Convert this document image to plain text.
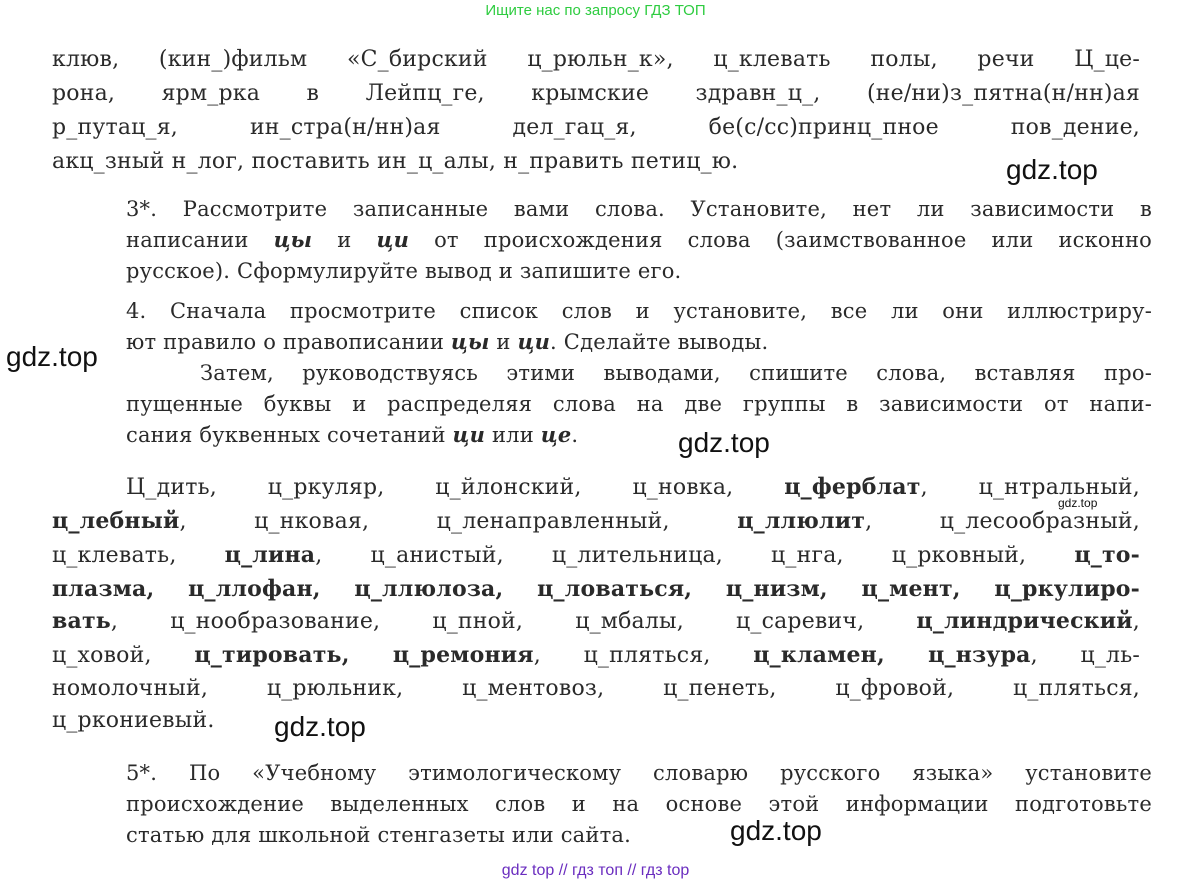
Ищите нас по запросу ГДЗ ТОП
клюв, (кин_)фильм «С_бирский ц_рюльн_к», ц_клевать полы, речи Ц_це-
рона, ярм_рка в Лейпц_ге, крымские здравн_ц_, (не/ни)з_пятна(н/нн)ая
р_путац_я, ин_стра(н/нн)ая дел_гац_я, бе(с/сс)принц_пное пов_дение,
акц_зный н_лог, поставить ин_ц_алы, н_править петиц_ю.
3*. Рассмотрите записанные вами слова. Установите, нет ли зависимости в
написании цы и ци от происхождения слова (заимствованное или исконно
русское). Сформулируйте вывод и запишите его.
4. Сначала просмотрите список слов и установите, все ли они иллюстриру-
ют правило о правописании цы и ци. Сделайте выводы.
Затем, руководствуясь этими выводами, спишите слова, вставляя про-
пущенные буквы и распределяя слова на две группы в зависимости от напи-
сания буквенных сочетаний ци или це.
Ц_дить, ц_ркуляр, ц_йлонский, ц_новка, ц_ферблат, ц_нтральный,
ц_лебный, ц_нковая, ц_ленаправленный, ц_ллюлит, ц_лесообразный,
ц_клевать, ц_лина, ц_анистый, ц_лительница, ц_нга, ц_рковный, ц_то-
плазма, ц_ллофан, ц_ллюлоза, ц_ловаться, ц_низм, ц_мент, ц_ркулиро-
вать, ц_нообразование, ц_пной, ц_мбалы, ц_саревич, ц_линдрический,
ц_ховой, ц_тировать, ц_ремония, ц_пляться, ц_кламен, ц_нзура, ц_ль-
номолочный, ц_рюльник, ц_ментовоз, ц_пенеть, ц_фровой, ц_пляться,
ц_ркониевый.
5*. По «Учебному этимологическому словарю русского языка» установите
происхождение выделенных слов и на основе этой информации подготовьте
статью для школьной стенгазеты или сайта.
gdz.top
gdz.top
gdz.top
gdz.top
gdz.top
gdz.top
gdz top // гдз топ // гдз top
